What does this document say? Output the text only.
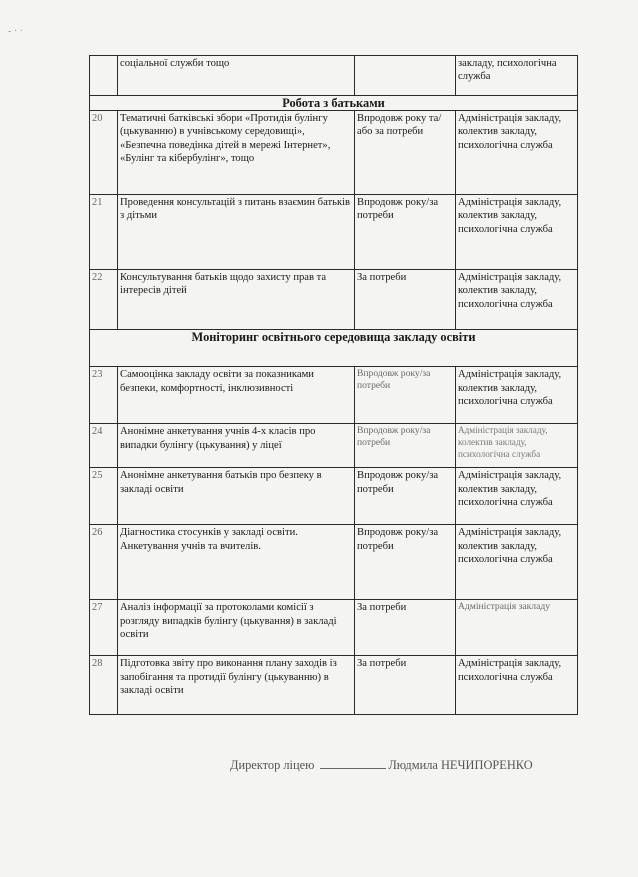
- · ·
	соціальної служби тощо		закладу, психологічна служба
Робота з батьками			
20	Тематичні батківські збори «Протидія булінгу (цькуванню) в учнівському середовищі», «Безпечна поведінка дітей в мережі Інтернет», «Булінг та кібербулінг», тощо	Впродовж року та/або за потреби	Адміністрація закладу, колектив закладу, психологічна служба
21	Проведення консультацій з питань взаємин батьків з дітьми	Впродовж року/за потреби	Адміністрація закладу, колектив закладу, психологічна служба
22	Консультування батьків щодо захисту прав та інтересів дітей	За потреби	Адміністрація закладу, колектив закладу, психологічна служба
Моніторинг освітнього середовища закладу освіти			
23	Самооцінка закладу освіти за показниками безпеки, комфортності, інклюзивності	Впродовж року/за потреби	Адміністрація закладу, колектив закладу, психологічна служба
24	Анонімне анкетування учнів 4-х класів про випадки булінгу (цькування) у ліцеї	Впродовж року/за потреби	Адміністрація закладу, колектив закладу, психологічна служба
25	Анонімне анкетування батьків про безпеку в закладі освіти	Впродовж року/за потреби	Адміністрація закладу, колектив закладу, психологічна служба
26	Діагностика стосунків у закладі освіти. Анкетування учнів та вчителів.	Впродовж року/за потреби	Адміністрація закладу, колектив закладу, психологічна служба
27	Аналіз інформації за протоколами комісії з розгляду випадків булінгу (цькування) в закладі освіти	За потреби	Адміністрація закладу
28	Підготовка звіту про виконання плану заходів із запобігання та протидії булінгу (цькуванню) в закладі освіти	За потреби	Адміністрація закладу, психологічна служба
Директор ліцею	Людмила НЕЧИПОРЕНКО
